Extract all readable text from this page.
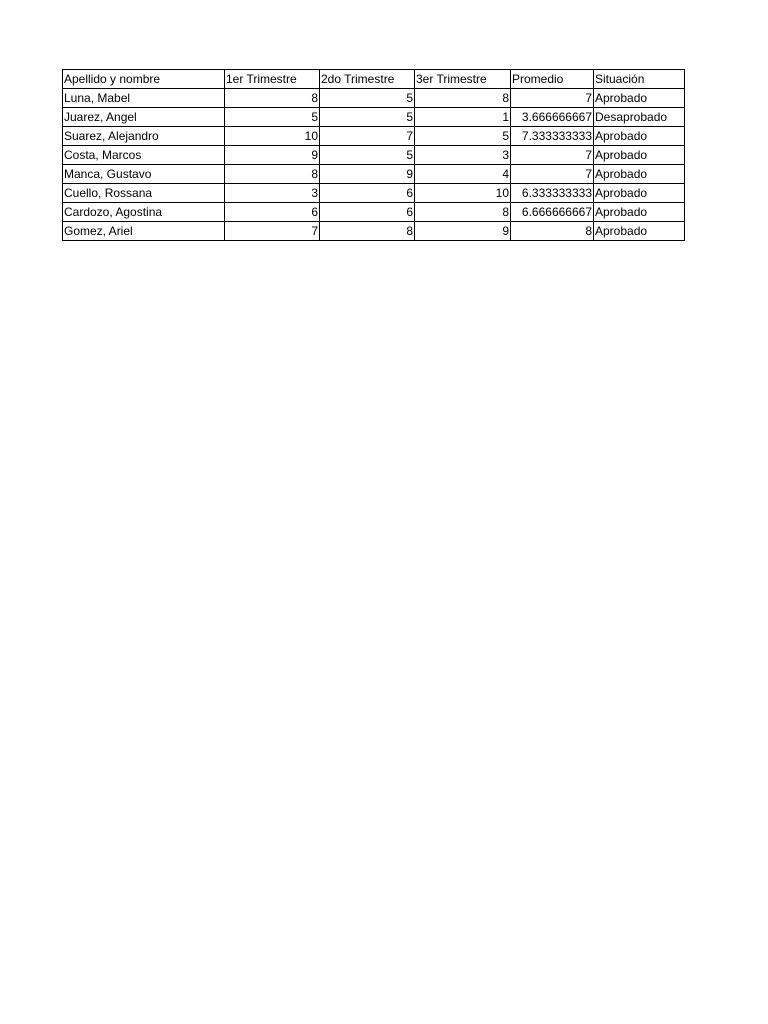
Apellido y nombre	1er Trimestre	2do Trimestre	3er Trimestre	Promedio	Situación
Luna, Mabel	8	5	8	7	Aprobado
Juarez, Angel	5	5	1	3.666666667	Desaprobado
Suarez, Alejandro	10	7	5	7.333333333	Aprobado
Costa, Marcos	9	5	3	7	Aprobado
Manca, Gustavo	8	9	4	7	Aprobado
Cuello, Rossana	3	6	10	6.333333333	Aprobado
Cardozo, Agostina	6	6	8	6.666666667	Aprobado
Gomez, Ariel	7	8	9	8	Aprobado
